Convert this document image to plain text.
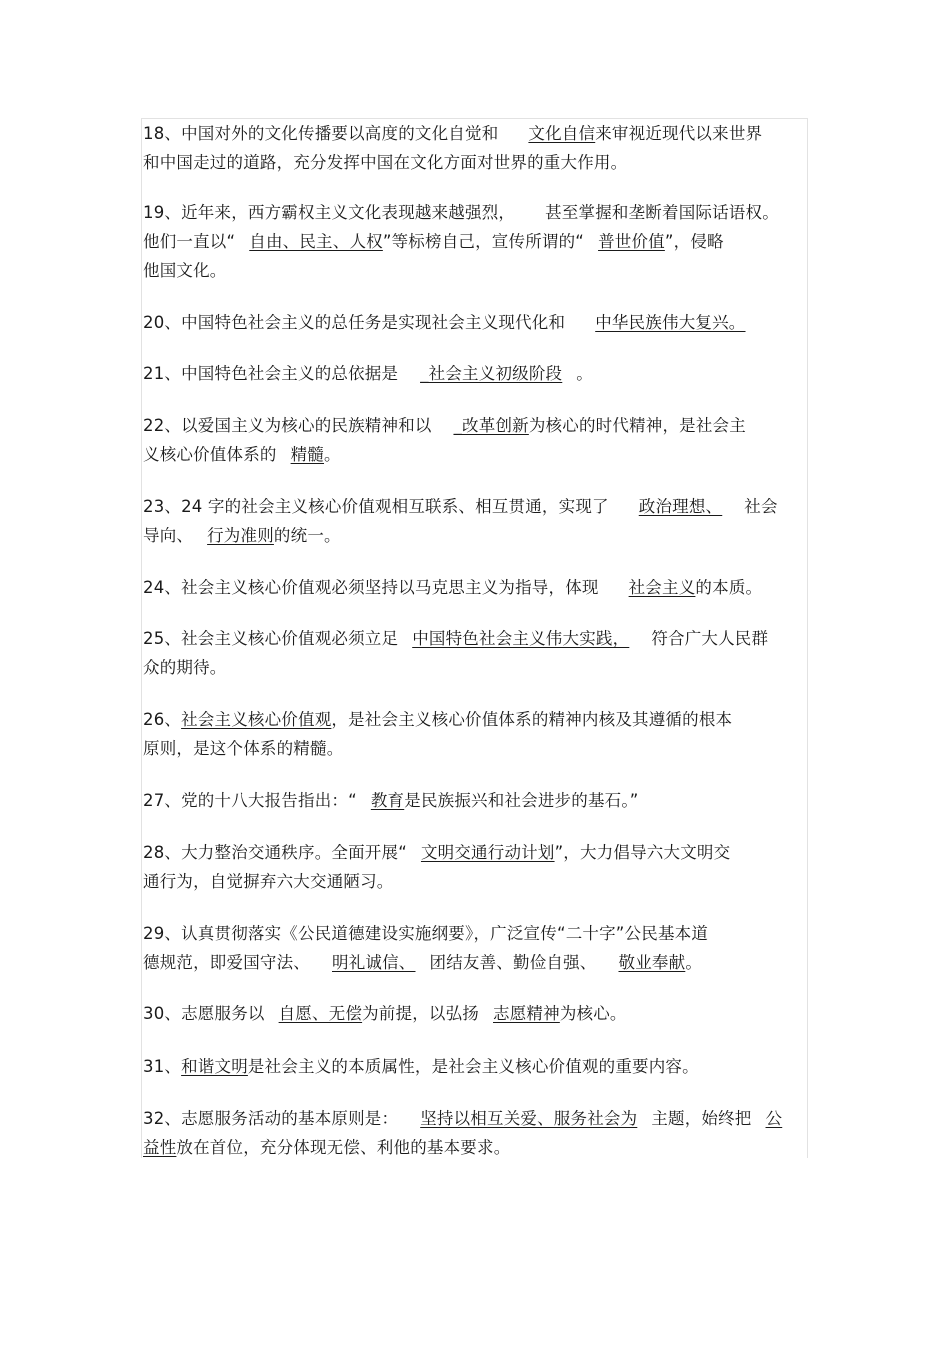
18、中国对外的文化传播要以高度的文化自觉和 文化自信来审视近现代以来世界
和中国走过的道路，充分发挥中国在文化方面对世界的重大作用。
19、近年来，西方霸权主义文化表现越来越强烈， 甚至掌握和垄断着国际话语权。
他们一直以“ 自由、民主、人权”等标榜自己，宣传所谓的“ 普世价值”，侵略
他国文化。
20、中国特色社会主义的总任务是实现社会主义现代化和 中华民族伟大复兴。
21、中国特色社会主义的总依据是 _社会主义初级阶段 。
22、以爱国主义为核心的民族精神和以 _改革创新为核心的时代精神，是社会主
义核心价值体系的 精髓。
23、24 字的社会主义核心价值观相互联系、相互贯通，实现了 政治理想、 社会
导向、 行为准则的统一。
24、社会主义核心价值观必须坚持以马克思主义为指导，体现 社会主义的本质。
25、社会主义核心价值观必须立足 中国特色社会主义伟大实践， 符合广大人民群
众的期待。
26、社会主义核心价值观，是社会主义核心价值体系的精神内核及其遵循的根本
原则，是这个体系的精髓。
27、党的十八大报告指出：“ 教育是民族振兴和社会进步的基石。”
28、大力整治交通秩序。全面开展“ 文明交通行动计划”，大力倡导六大文明交
通行为，自觉摒弃六大交通陋习。
29、认真贯彻落实《公民道德建设实施纲要》，广泛宣传“二十字”公民基本道
德规范，即爱国守法、 明礼诚信、 团结友善、勤俭自强、 敬业奉献。
30、志愿服务以 自愿、无偿为前提，以弘扬 志愿精神为核心。
31、和谐文明是社会主义的本质属性，是社会主义核心价值观的重要内容。
32、志愿服务活动的基本原则是： 坚持以相互关爱、服务社会为 主题，始终把 公
益性放在首位，充分体现无偿、利他的基本要求。
